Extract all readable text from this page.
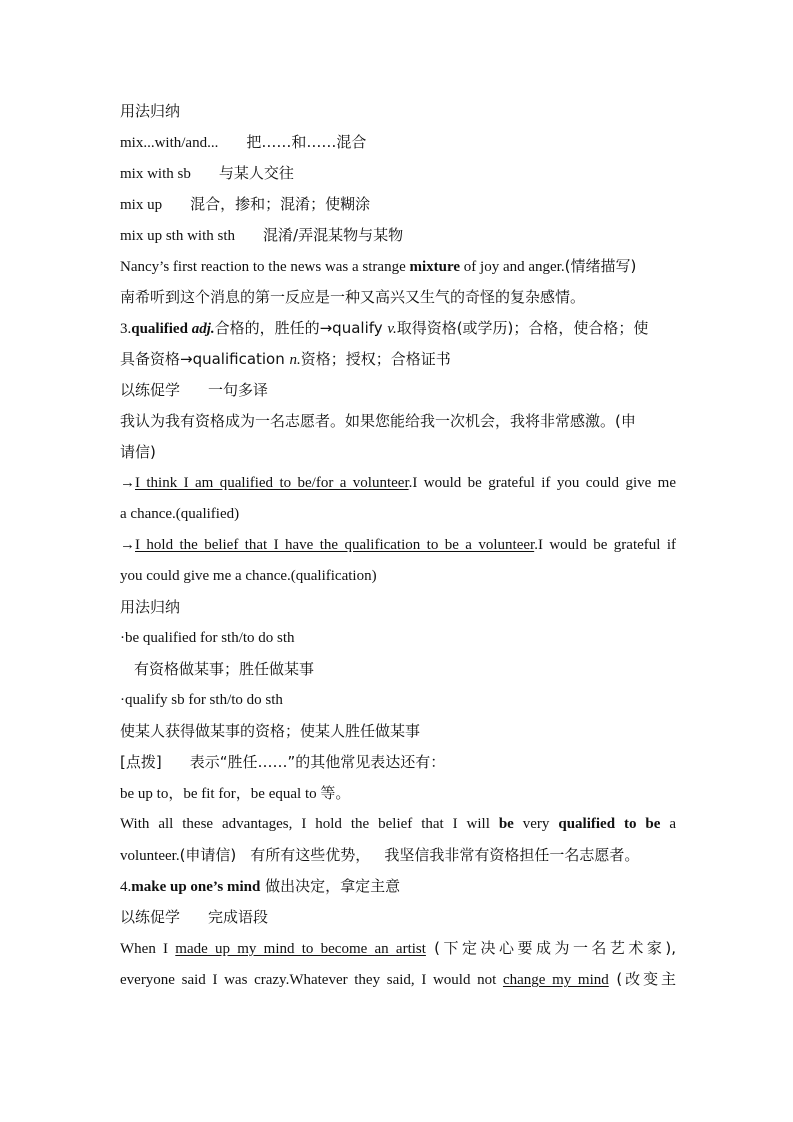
用法归纳
mix...with/and... 把……和……混合
mix with sb 与某人交往
mix up 混合，掺和；混淆；使糊涂
mix up sth with sth 混淆/弄混某物与某物
Nancy’s first reaction to the news was a strange mixture of joy and anger.(情绪描写)
南希听到这个消息的第一反应是一种又高兴又生气的奇怪的复杂感情。
3.qualified adj.合格的，胜任的→qualify v.取得资格(或学历)；合格，使合格；使
具备资格→qualification n.资格；授权；合格证书
以练促学 一句多译
我认为我有资格成为一名志愿者。如果您能给我一次机会，我将非常感激。(申
请信)
→I think I am qualified to be/for a volunteer.I would be grateful if you could give me
a chance.(qualified)
→I hold the belief that I have the qualification to be a volunteer.I would be grateful if
you could give me a chance.(qualification)
用法归纳
·be qualified for sth/to do sth
有资格做某事；胜任做某事
·qualify sb for sth/to do sth
使某人获得做某事的资格；使某人胜任做某事
[点拨] 表示“胜任……”的其他常见表达还有：
be up to，be fit for，be equal to 等。
With all these advantages, I hold the belief that I will be very qualified to be a
volunteer.(申请信) 有所有这些优势， 我坚信我非常有资格担任一名志愿者。
4.make up one’s mind 做出决定，拿定主意
以练促学 完成语段
When I made up my mind to become an artist (下定决心要成为一名艺术家),
everyone said I was crazy.Whatever they said, I would not change my mind (改变主
